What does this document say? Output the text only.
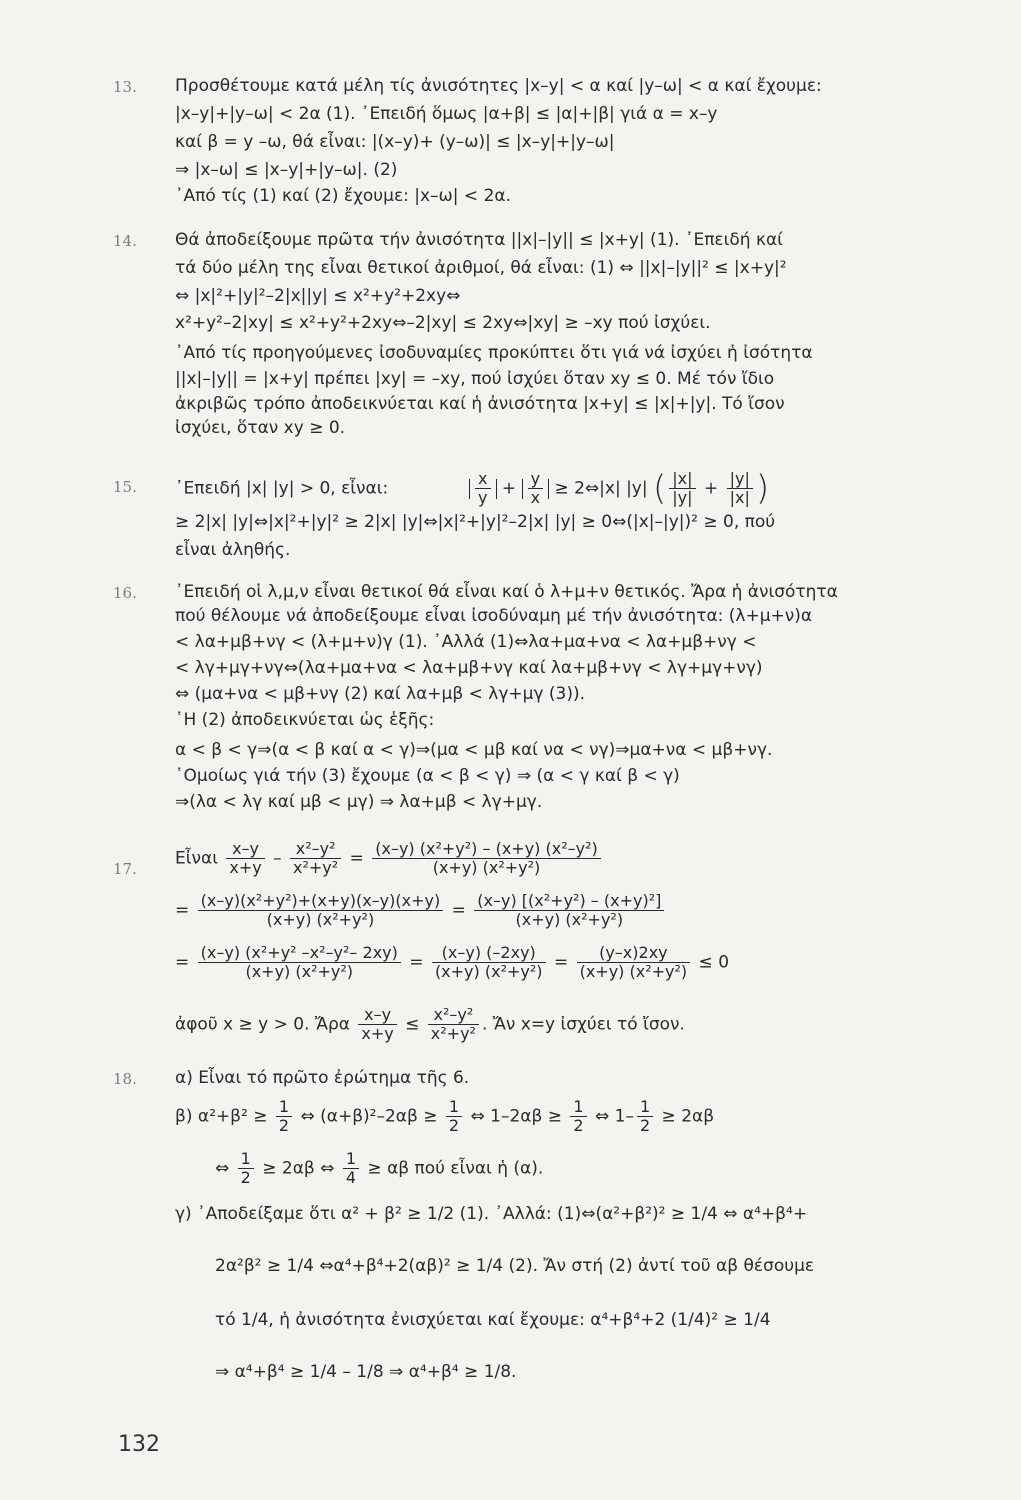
13.	Προσθέτουμε κατά μέλη τίς ἀνισότητες |x–y| < α καί |y–ω| < α καί ἔχουμε:
|x–y|+|y–ω| < 2α (1). ᾿Επειδή ὅμως |α+β| ≤ |α|+|β| γιά α = x–y
καί β = y –ω, θά εἶναι: |(x–y)+ (y–ω)| ≤ |x–y|+|y–ω|
⇒ |x–ω| ≤ |x–y|+|y–ω|. (2)
᾿Από τίς (1) καί (2) ἔχουμε: |x–ω| < 2α.
14.	Θά ἀποδείξουμε πρῶτα τήν ἀνισότητα ||x|–|y|| ≤ |x+y| (1). ᾿Επειδή καί
τά δύο μέλη της εἶναι θετικοί ἀριθμοί, θά εἶναι: (1) ⇔ ||x|–|y||² ≤ |x+y|²
⇔ |x|²+|y|²–2|x||y| ≤ x²+y²+2xy⇔
x²+y²–2|xy| ≤ x²+y²+2xy⇔–2|xy| ≤ 2xy⇔|xy| ≥ –xy πού ἰσχύει.
᾿Από τίς προηγούμενες ἰσοδυναμίες προκύπτει ὅτι γιά νά ἰσχύει ἡ ἰσότητα
||x|–|y|| = |x+y| πρέπει |xy| = –xy, πού ἰσχύει ὅταν xy ≤ 0. Μέ τόν ἴδιο
ἀκριβῶς τρόπο ἀποδεικνύεται καί ἡ ἀνισότητα |x+y| ≤ |x|+|y|. Τό ἴσον
ἰσχύει, ὅταν xy ≥ 0.
15.	᾿Επειδή |x| |y| > 0, εἶναι:	$\frac{x}{y} + \frac{y}{x}$ ≥ 2⇔|x| |y| ( $\frac{|x|}{|y|} + \frac{|y|}{|x|}$ )
≥ 2|x| |y|⇔|x|²+|y|² ≥ 2|x| |y|⇔|x|²+|y|²–2|x| |y| ≥ 0⇔(|x|–|y|)² ≥ 0, πού
εἶναι ἀληθής.
16.	᾿Επειδή οἱ λ,μ,ν εἶναι θετικοί θά εἶναι καί ὁ λ+μ+ν θετικός. Ἄρα ἡ ἀνισότητα
πού θέλουμε νά ἀποδείξουμε εἶναι ἰσοδύναμη μέ τήν ἀνισότητα: (λ+μ+ν)α
< λα+μβ+νγ < (λ+μ+ν)γ (1). ᾿Αλλά (1)⇔λα+μα+να < λα+μβ+νγ <
< λγ+μγ+νγ⇔(λα+μα+να < λα+μβ+νγ καί λα+μβ+νγ < λγ+μγ+νγ)
⇔ (μα+να < μβ+νγ (2) καί λα+μβ < λγ+μγ (3)).
῾Η (2) ἀποδεικνύεται ὡς ἑξῆς:
α < β < γ⇒(α < β καί α < γ)⇒(μα < μβ καί να < νγ)⇒μα+να < μβ+νγ.
῾Ομοίως γιά τήν (3) ἔχουμε (α < β < γ) ⇒ (α < γ καί β < γ)
⇒(λα < λγ καί μβ < μγ) ⇒ λα+μβ < λγ+μγ.
17.
Εἶναι $\frac{x-y}{x+y} - \frac{\text{x²–y²}}{\text{x²+y²}} = \frac{\text{(x–y) (x²+y²) – (x+y) (x²–y²)}}{\text{(x+y) (x²+y²)}}$
= $\frac{\text{(x–y)(x²+y²)+(x+y)(x–y)(x+y)}}{\text{(x+y) (x²+y²)}} = \frac{\text{(x–y) [(x²+y²) – (x+y)²]}}{\text{(x+y) (x²+y²)}}$
= $\frac{\text{(x–y) (x²+y² –x²–y²– 2xy)}}{\text{(x+y) (x²+y²)}} = \frac{(x-y) (-2xy)}{\text{(x+y) (x²+y²)}} = \frac{(y-x)2xy}{\text{(x+y) (x²+y²)}} \le 0$
ἀφοῦ x ≥ y > 0. Ἄρα $\frac{x-y}{x+y} \le \frac{\text{x²–y²}}{\text{x²+y²}}$ . Ἄν x=y ἰσχύει τό ἴσον.
18.	α) Εἶναι τό πρῶτο ἐρώτημα τῆς 6.
β) $\alpha^2+\beta^2 \ge \frac{1}{2}$ ⇔ $(\alpha+\beta)^2-2\alpha\beta \ge \frac{1}{2}$ ⇔ $1-2\alpha\beta \ge \frac{1}{2}$ ⇔ $1- \frac{1}{2} \ge 2\alpha\beta$
⇔ $\frac{1}{2} \ge 2\alpha\beta$ ⇔ $\frac{1}{4} \ge \alpha\beta$ πού εἶναι ἡ (α).
γ) ᾿Αποδείξαμε ὅτι α² + β² ≥ 1/2 (1). ᾿Αλλά: (1)⇔(α²+β²)² ≥ 1/4 ⇔ α⁴+β⁴+
2α²β² ≥ 1/4 ⇔α⁴+β⁴+2(αβ)² ≥ 1/4 (2). Ἄν στή (2) ἀντί τοῦ αβ θέσουμε
τό 1/4, ἡ ἀνισότητα ἐνισχύεται καί ἔχουμε: α⁴+β⁴+2 (1/4)² ≥ 1/4
⇒ α⁴+β⁴ ≥ 1/4 – 1/8 ⇒ α⁴+β⁴ ≥ 1/8.
132
